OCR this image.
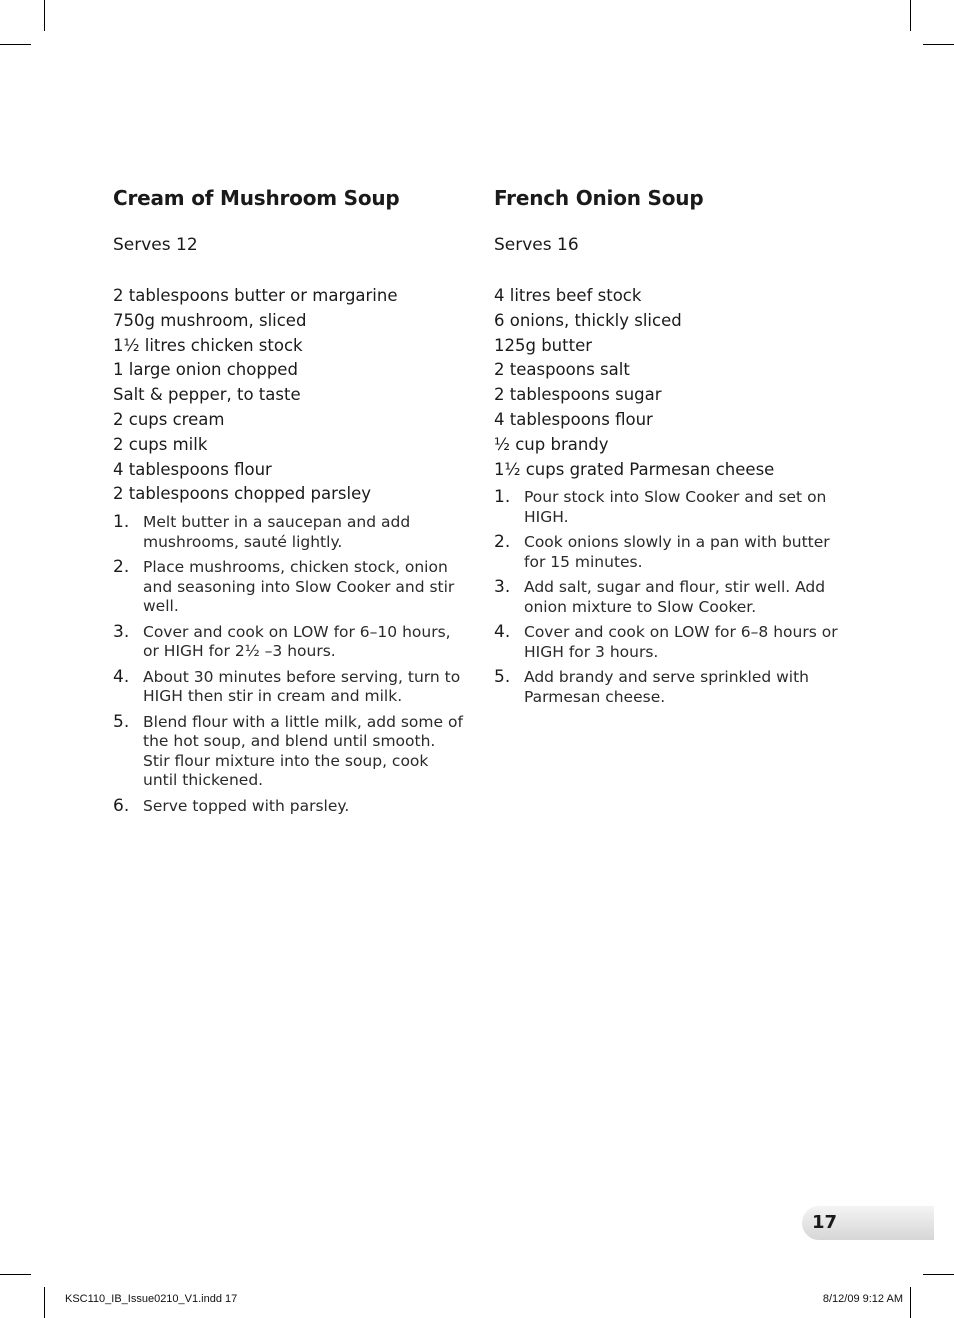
Cream of Mushroom Soup

Serves 12

2 tablespoons butter or margarine
750g mushroom, sliced
1½ litres chicken stock
1 large onion chopped
Salt & pepper, to taste
2 cups cream
2 cups milk
4 tablespoons flour
2 tablespoons chopped parsley
1. Melt butter in a saucepan and add mushrooms, sauté lightly.
2. Place mushrooms, chicken stock, onion and seasoning into Slow Cooker and stir well.
3. Cover and cook on LOW for 6–10 hours, or HIGH for 2½ –3 hours.
4. About 30 minutes before serving, turn to HIGH then stir in cream and milk.
5. Blend flour with a little milk, add some of the hot soup, and blend until smooth. Stir flour mixture into the soup, cook until thickened.
6. Serve topped with parsley.
French Onion Soup

Serves 16

4 litres beef stock
6 onions, thickly sliced
125g butter
2 teaspoons salt
2 tablespoons sugar
4 tablespoons flour
½ cup brandy
1½ cups grated Parmesan cheese
1. Pour stock into Slow Cooker and set on HIGH.
2. Cook onions slowly in a pan with butter for 15 minutes.
3. Add salt, sugar and flour, stir well. Add onion mixture to Slow Cooker.
4. Cover and cook on LOW for 6–8 hours or HIGH for 3 hours.
5. Add brandy and serve sprinkled with Parmesan cheese.
17
KSC110_IB_Issue0210_V1.indd 17	8/12/09 9:12 AM
